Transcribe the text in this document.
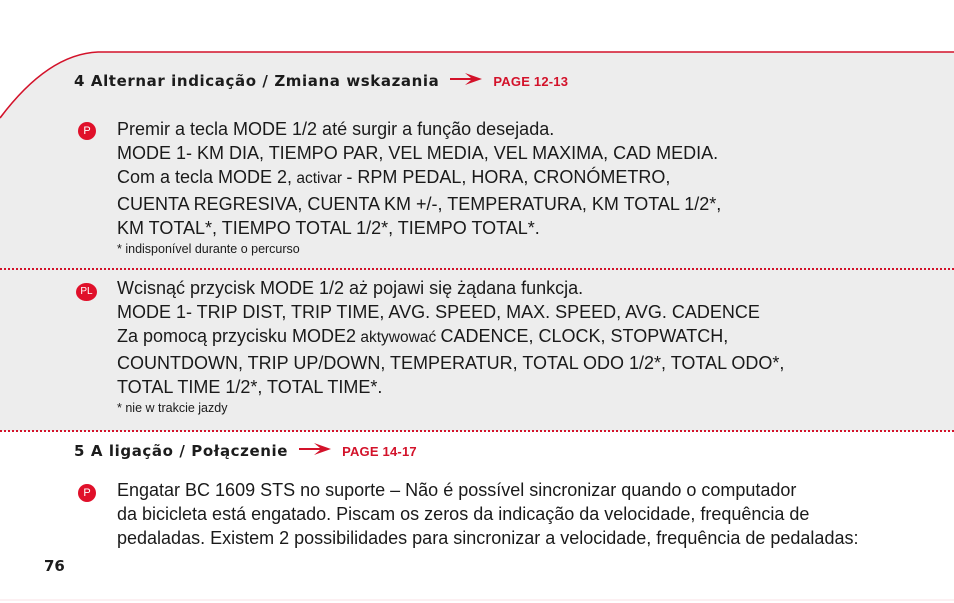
4 Alternar indicação / Zmiana wskazania	PAGE 12-13
P Premir a tecla MODE 1/2 até surgir a função desejada.
MODE 1- KM DIA, TIEMPO PAR, VEL MEDIA, VEL MAXIMA, CAD MEDIA.
Com a tecla MODE 2, activar - RPM PEDAL, HORA, CRONÓMETRO,
CUENTA REGRESIVA, CUENTA KM +/-, TEMPERATURA, KM TOTAL 1/2*,
KM TOTAL*, TIEMPO TOTAL 1/2*, TIEMPO TOTAL*.
* indisponível durante o percurso
PL Wcisnąć przycisk MODE 1/2 aż pojawi się żądana funkcja.
MODE 1- TRIP DIST, TRIP TIME, AVG. SPEED, MAX. SPEED, AVG. CADENCE
Za pomocą przycisku MODE2 aktywować CADENCE, CLOCK, STOPWATCH,
COUNTDOWN, TRIP UP/DOWN, TEMPERATUR, TOTAL ODO 1/2*, TOTAL ODO*,
TOTAL TIME 1/2*, TOTAL TIME*.
* nie w trakcie jazdy
5 A ligação / Połączenie	PAGE 14-17
P Engatar BC 1609 STS no suporte – Não é possível sincronizar quando o computador
da bicicleta está engatado. Piscam os zeros da indicação da velocidade, frequência de
pedaladas. Existem 2 possibilidades para sincronizar a velocidade, frequência de pedaladas:
76
